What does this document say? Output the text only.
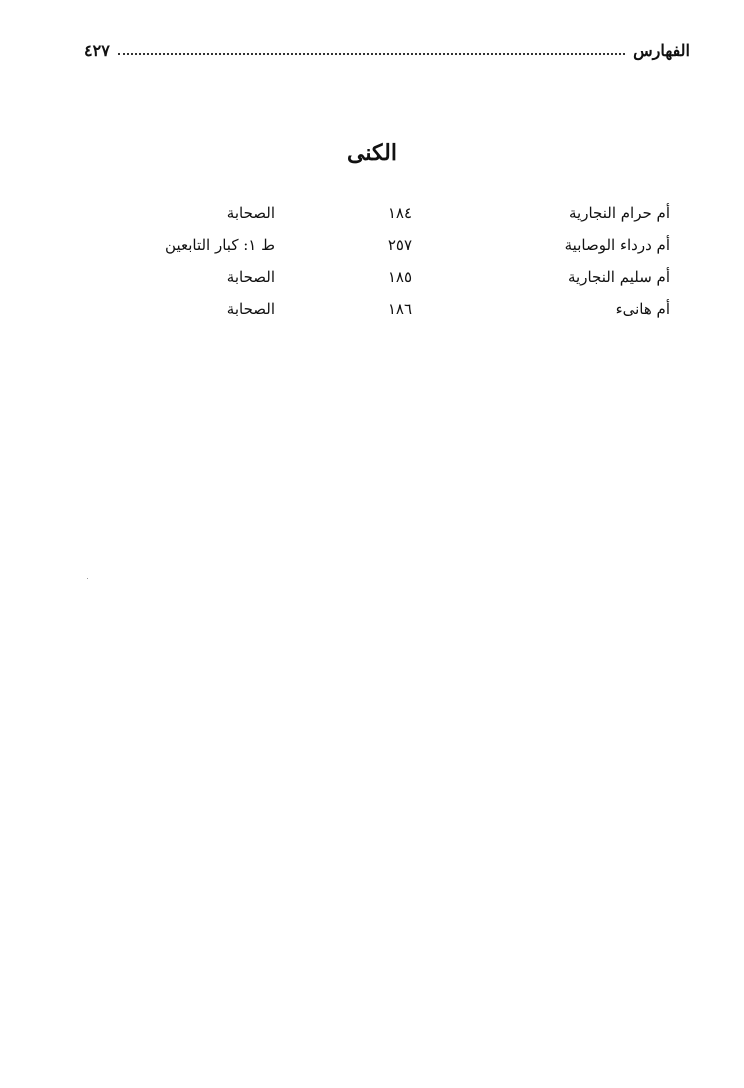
الفهارس
٤٢٧
الكنى
أم حرام النجارية
١٨٤
الصحابة
أم درداء الوصابية
٢٥٧
ط ١: كبار التابعين
أم سليم النجارية
١٨٥
الصحابة
أم هانىء
١٨٦
الصحابة
